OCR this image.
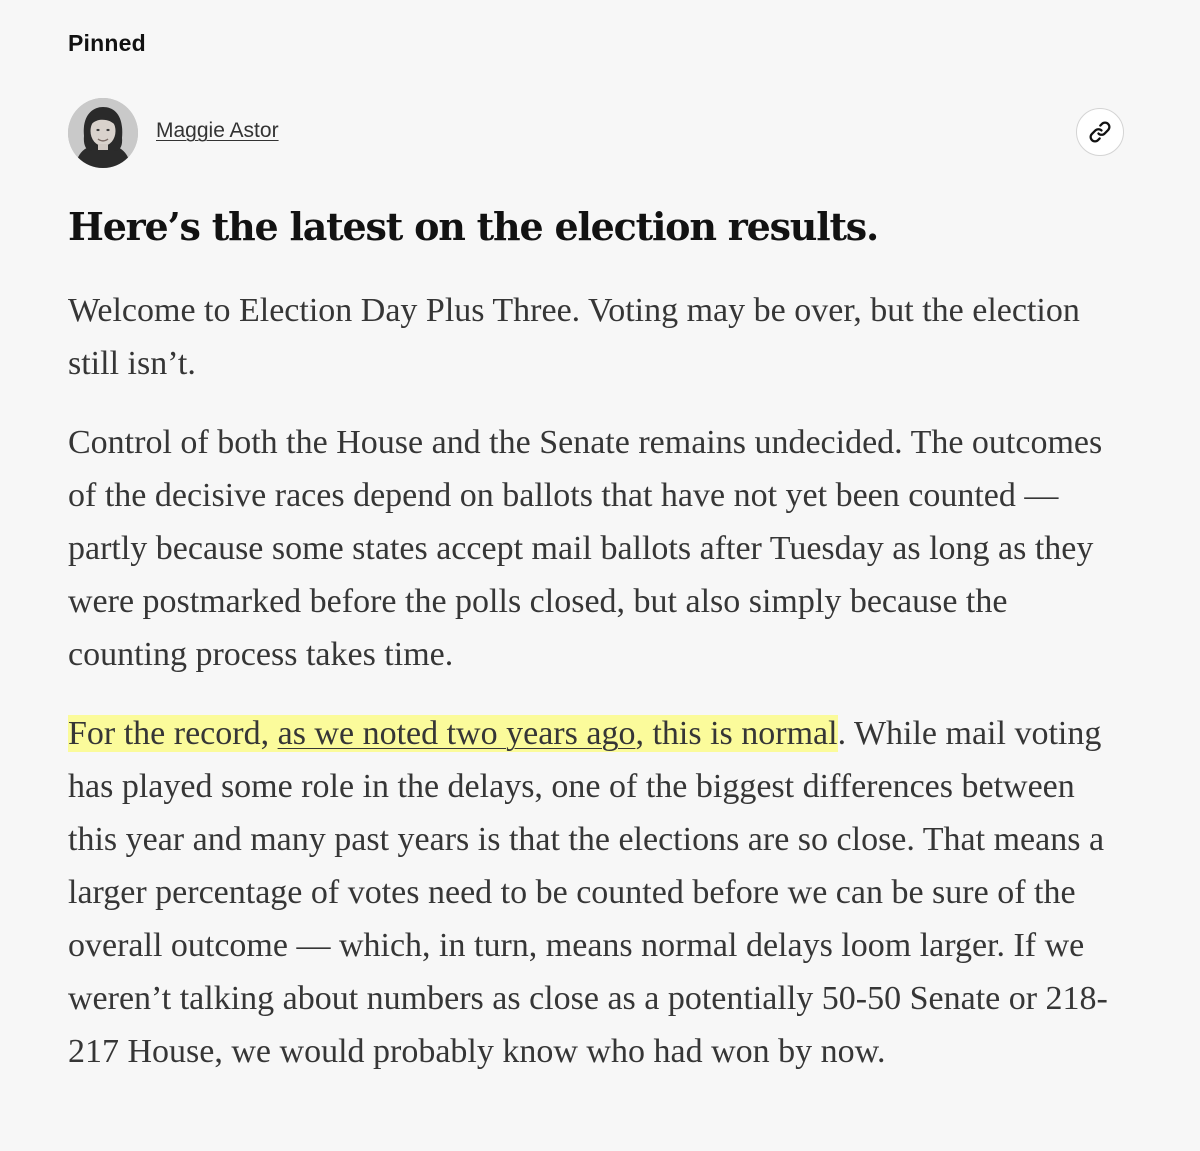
Pinned
Maggie Astor
Here’s the latest on the election results.

Welcome to Election Day Plus Three. Voting may be over, but the election still isn’t.

Control of both the House and the Senate remains undecided. The outcomes of the decisive races depend on ballots that have not yet been counted — partly because some states accept mail ballots after Tuesday as long as they were postmarked before the polls closed, but also simply because the counting process takes time.

For the record, as we noted two years ago, this is normal. While mail voting has played some role in the delays, one of the biggest differences between this year and many past years is that the elections are so close. That means a larger percentage of votes need to be counted before we can be sure of the overall outcome — which, in turn, means normal delays loom larger. If we weren’t talking about numbers as close as a potentially 50-50 Senate or 218-217 House, we would probably know who had won by now.
